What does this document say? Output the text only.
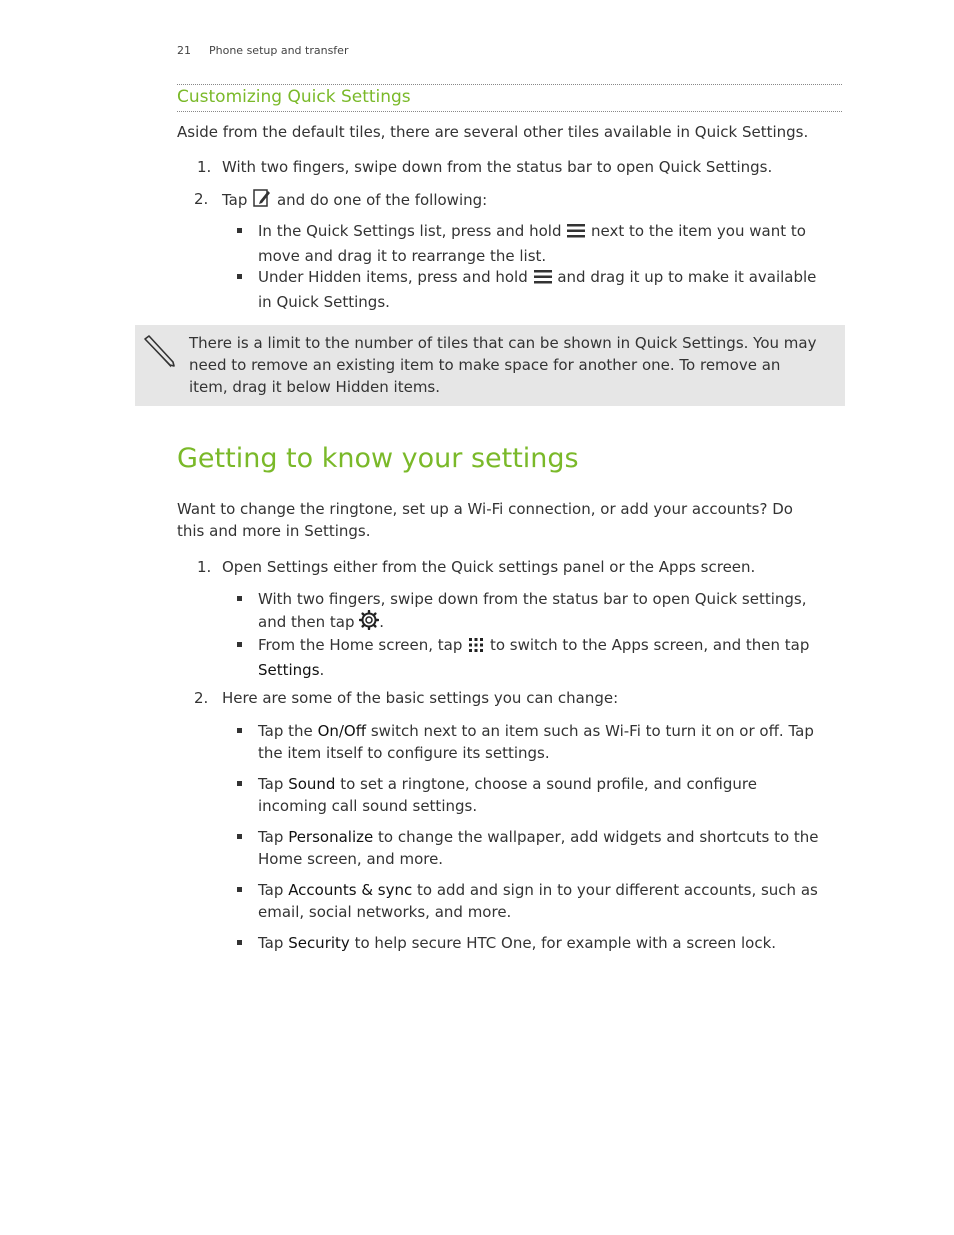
21 Phone setup and transfer
Customizing Quick Settings
Aside from the default tiles, there are several other tiles available in Quick Settings.
1. With two fingers, swipe down from the status bar to open Quick Settings.
2. Tap and do one of the following:
In the Quick Settings list, press and hold next to the item you want to
move and drag it to rearrange the list.
Under Hidden items, press and hold and drag it up to make it available
in Quick Settings.
There is a limit to the number of tiles that can be shown in Quick Settings. You may
need to remove an existing item to make space for another one. To remove an
item, drag it below Hidden items.
Getting to know your settings
Want to change the ringtone, set up a Wi-Fi connection, or add your accounts? Do
this and more in Settings.
1. Open Settings either from the Quick settings panel or the Apps screen.
With two fingers, swipe down from the status bar to open Quick settings,
and then tap .
From the Home screen, tap to switch to the Apps screen, and then tap
Settings.
2. Here are some of the basic settings you can change:
Tap the On/Off switch next to an item such as Wi-Fi to turn it on or off. Tap
the item itself to configure its settings.
Tap Sound to set a ringtone, choose a sound profile, and configure
incoming call sound settings.
Tap Personalize to change the wallpaper, add widgets and shortcuts to the
Home screen, and more.
Tap Accounts & sync to add and sign in to your different accounts, such as
email, social networks, and more.
Tap Security to help secure HTC One, for example with a screen lock.
